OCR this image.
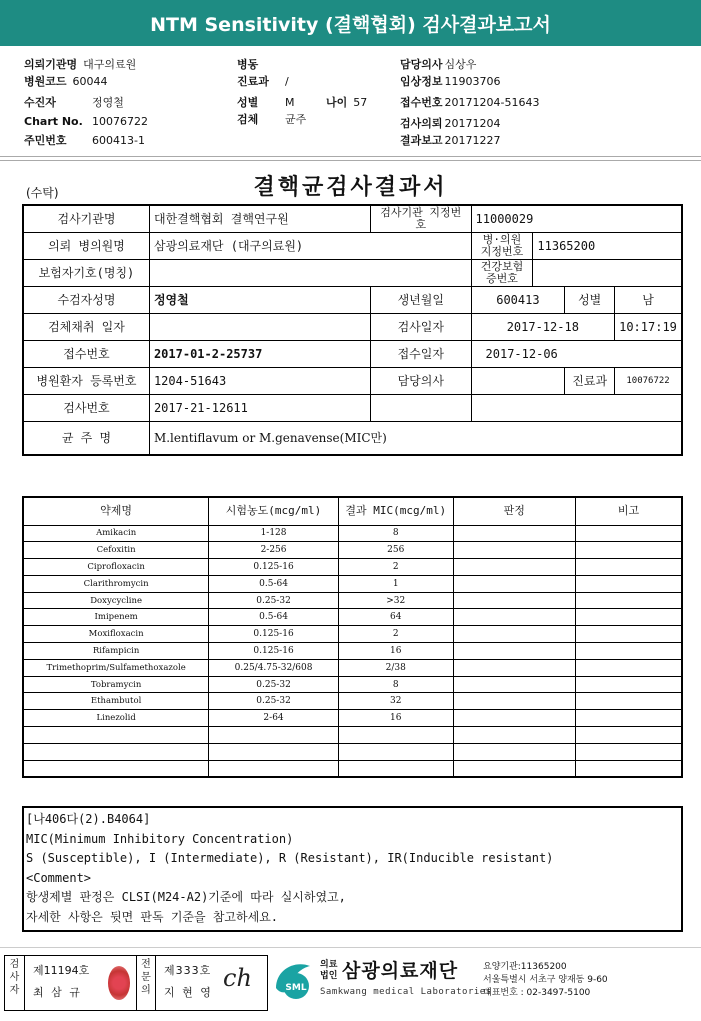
NTM Sensitivity (결핵협회) 검사결과보고서
의뢰기관명 대구의료원
병원코드 60044
수진자	정영철
Chart No. 10076722
주민번호 600413-1
병동
진료과 /
성별 M	나이 57
검체 균주
담당의사 심상우
임상정보 11903706
접수번호 20171204-51643
검사의뢰 20171204
결과보고 20171227
(수탁)	결핵균검사결과서
검사기관명	대한결핵협회 결핵연구원	검사기관 지정번호	11000029			
의뢰 병의원명	삼광의료재단 (대구의료원)		병·의원 지정번호	11365200		
보험자기호(명칭)			건강보험 증번호			
수검자성명	정영철	생년월일	600413		성별	남
검체채취 일자		검사일자	2017-12-18			10:17:19
접수번호	2017-01-2-25737	접수일자	2017-12-06			
병원환자 등록번호	1204-51643	담당의사			진료과	10076722
검사번호	2017-21-12611					
균 주 명	M.lentiflavum or M.genavense(MIC만)					
약제명	시험농도(mcg/ml)	결과 MIC(mcg/ml)	판정	비고
Amikacin	1-128	8		
Cefoxitin	2-256	256		
Ciprofloxacin	0.125-16	2		
Clarithromycin	0.5-64	1		
Doxycycline	0.25-32	>32		
Imipenem	0.5-64	64		
Moxifloxacin	0.125-16	2		
Rifampicin	0.125-16	16		
Trimethoprim/Sulfamethoxazole	0.25/4.75-32/608	2/38		
Tobramycin	0.25-32	8		
Ethambutol	0.25-32	32		
Linezolid	2-64	16		

[나406다(2).B4064]
MIC(Minimum Inhibitory Concentration)
S (Susceptible), I (Intermediate), R (Resistant), IR(Inducible resistant)
<Comment>
항생제별 판정은 CLSI(M24-A2)기준에 따라 실시하였고,
자세한 사항은 뒷면 판독 기준을 참고하세요.
검사자
제11194호
최 삼 규
전문의
제333호
지 현 영
ch	SML
의료 법인 삼광의료재단
Samkwang medical Laboratories
요양기관:11365200
서울특별시 서초구 양재동 9-60
대표번호 : 02-3497-5100
